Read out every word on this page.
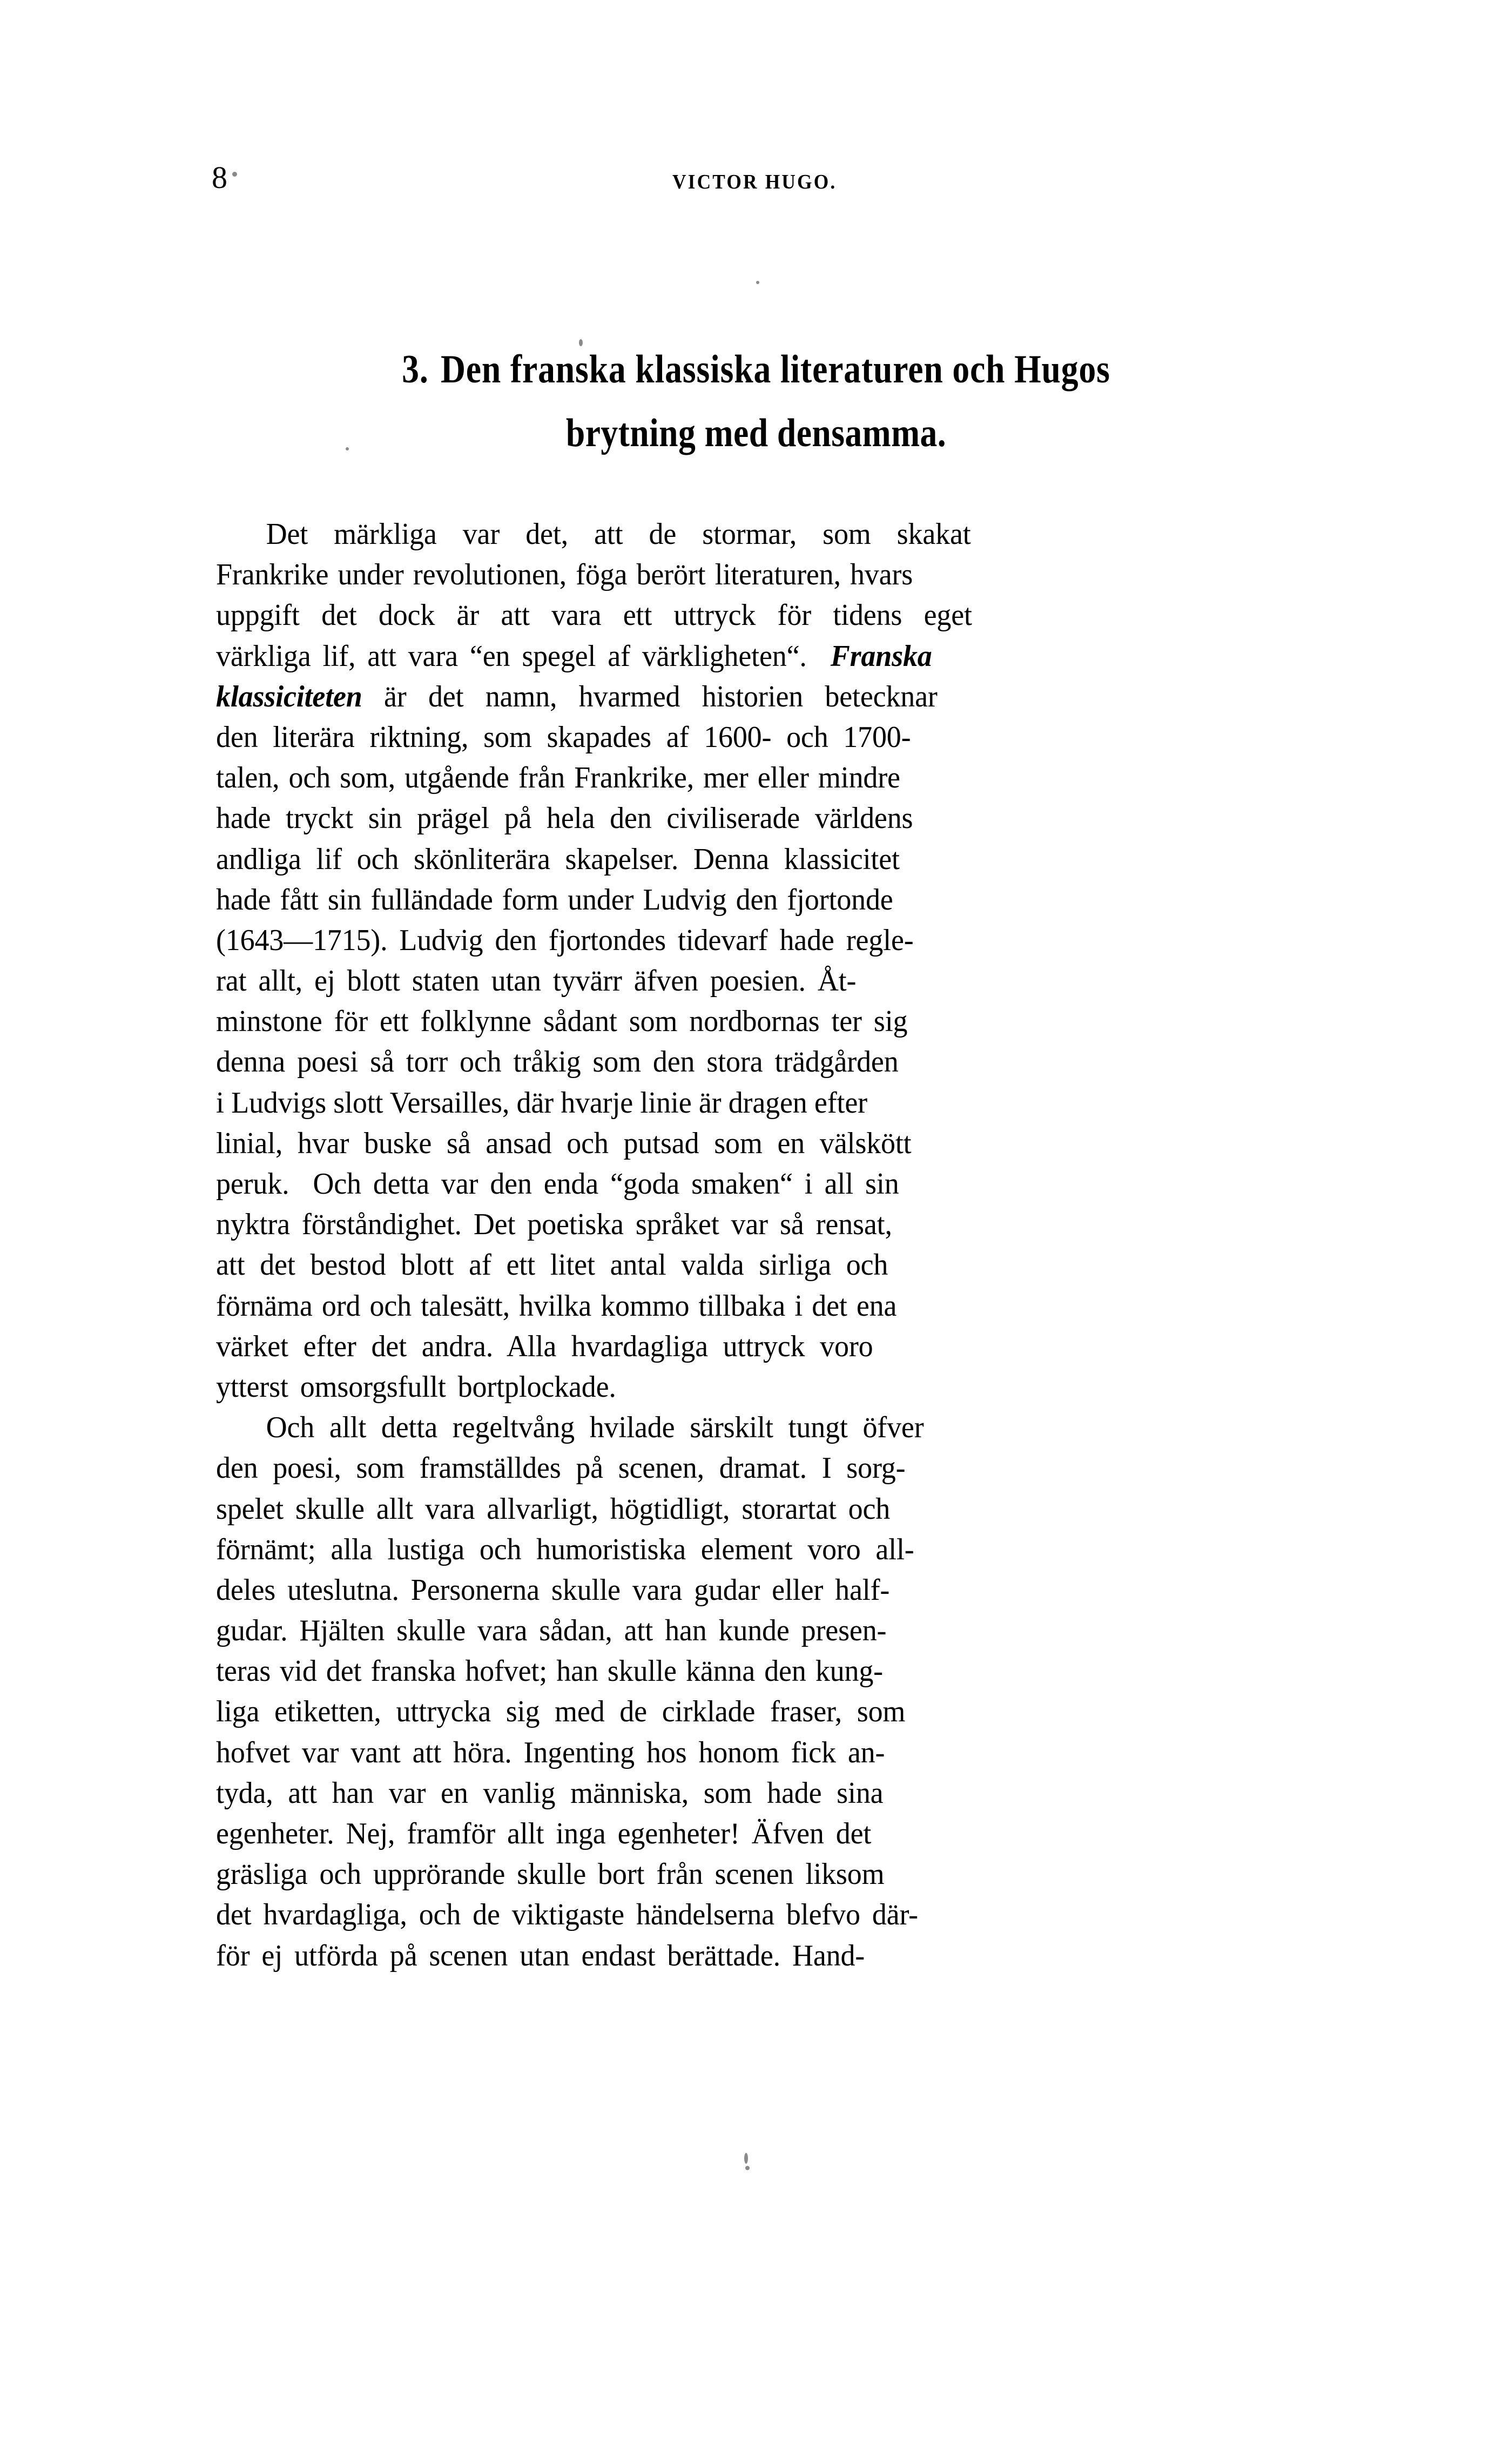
8	VICTOR HUGO.
3. Den franska klassiska literaturen och Hugos
brytning med densamma.
Det märkliga var det, att de stormar, som skakat
Frankrike under revolutionen, föga berört literaturen, hvars
uppgift det dock är att vara ett uttryck för tidens eget
värkliga lif, att vara “en spegel af värkligheten“.  Franska
klassiciteten är det namn, hvarmed historien betecknar
den literära riktning, som skapades af 1600- och 1700-
talen, och som, utgående från Frankrike, mer eller mindre
hade tryckt sin prägel på hela den civiliserade världens
andliga lif och skönliterära skapelser. Denna klassicitet
hade fått sin fulländade form under Ludvig den fjortonde
(1643—1715). Ludvig den fjortondes tidevarf hade regle-
rat allt, ej blott staten utan tyvärr äfven poesien. Åt-
minstone för ett folklynne sådant som nordbornas ter sig
denna poesi så torr och tråkig som den stora trädgården
i Ludvigs slott Versailles, där hvarje linie är dragen efter
linial, hvar buske så ansad och putsad som en välskött
peruk.  Och detta var den enda “goda smaken“ i all sin
nyktra förståndighet. Det poetiska språket var så rensat,
att det bestod blott af ett litet antal valda sirliga och
förnäma ord och talesätt, hvilka kommo tillbaka i det ena
värket efter det andra. Alla hvardagliga uttryck voro
ytterst omsorgsfullt bortplockade.
Och allt detta regeltvång hvilade särskilt tungt öfver
den poesi, som framställdes på scenen, dramat. I sorg-
spelet skulle allt vara allvarligt, högtidligt, storartat och
förnämt; alla lustiga och humoristiska element voro all-
deles uteslutna. Personerna skulle vara gudar eller half-
gudar. Hjälten skulle vara sådan, att han kunde presen-
teras vid det franska hofvet; han skulle känna den kung-
liga etiketten, uttrycka sig med de cirklade fraser, som
hofvet var vant att höra. Ingenting hos honom fick an-
tyda, att han var en vanlig människa, som hade sina
egenheter. Nej, framför allt inga egenheter! Äfven det
gräsliga och upprörande skulle bort från scenen liksom
det hvardagliga, och de viktigaste händelserna blefvo där-
för ej utförda på scenen utan endast berättade. Hand-
